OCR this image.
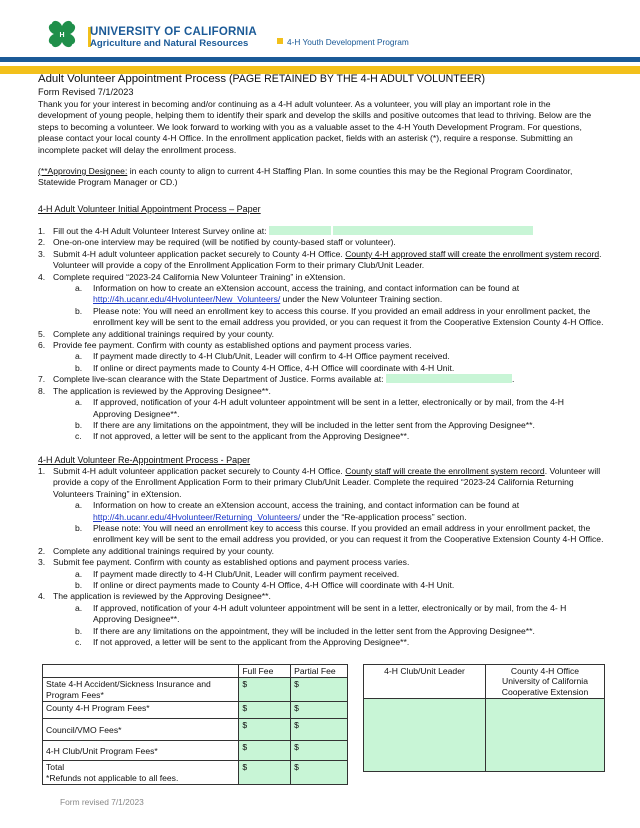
H UNIVERSITY OF CALIFORNIA
Agriculture and Natural Resources	4-H Youth Development Program
Adult Volunteer Appointment Process (PAGE RETAINED BY THE 4-H ADULT VOLUNTEER)
Form Revised 7/1/2023

Thank you for your interest in becoming and/or continuing as a 4-H adult volunteer. As a volunteer, you will play an important role in the development of young people, helping them to identify their spark and develop the skills and positive outcomes that lead to thriving. Below are the steps to becoming a volunteer. We look forward to working with you as a valuable asset to the 4-H Youth Development Program. For questions, please contact your local county 4-H Office. In the enrollment application packet, fields with an asterisk (*), require a response. Submitting an incomplete packet will delay the enrollment process.

(**Approving Designee: in each county to align to current 4-H Staffing Plan. In some counties this may be the Regional Program Coordinator, Statewide Program Manager or CD.)

4-H Adult Volunteer Initial Appointment Process – Paper
1. Fill out the 4-H Adult Volunteer Interest Survey online at:
2. One-on-one interview may be required (will be notified by county-based staff or volunteer).
3. Submit 4-H adult volunteer application packet securely to County 4-H Office. County 4-H approved staff will create the enrollment system record. Volunteer will provide a copy of the Enrollment Application Form to their primary Club/Unit Leader.
4. Complete required “2023-24 California New Volunteer Training” in eXtension.
a. Information on how to create an eXtension account, access the training, and contact information can be found at http://4h.ucanr.edu/4Hvolunteer/New_Volunteers/ under the New Volunteer Training section.
b. Please note: You will need an enrollment key to access this course. If you provided an email address in your enrollment packet, the enrollment key will be sent to the email address you provided, or you can request it from the Cooperative Extension County 4-H Office.
5. Complete any additional trainings required by your county.
6. Provide fee payment. Confirm with county as established options and payment process varies.
a. If payment made directly to 4-H Club/Unit, Leader will confirm to 4-H Office payment received.
b. If online or direct payments made to County 4-H Office, 4-H Office will coordinate with 4-H Unit.
7. Complete live-scan clearance with the State Department of Justice. Forms available at:	.
8. The application is reviewed by the Approving Designee**.
a. If approved, notification of your 4-H adult volunteer appointment will be sent in a letter, electronically or by mail, from the 4-H Approving Designee**.
b. If there are any limitations on the appointment, they will be included in the letter sent from the Approving Designee**.
c. If not approved, a letter will be sent to the applicant from the Approving Designee**.
4-H Adult Volunteer Re-Appointment Process - Paper
1. Submit 4-H adult volunteer application packet securely to County 4-H Office. County staff will create the enrollment system record. Volunteer will provide a copy of the Enrollment Application Form to their primary Club/Unit Leader. Complete the required “2023-24 California Returning Volunteers Training” in eXtension.
a. Information on how to create an eXtension account, access the training, and contact information can be found at http://4h.ucanr.edu/4Hvolunteer/Returning_Volunteers/ under the “Re-application process” section.
b. Please note: You will need an enrollment key to access this course. If you provided an email address in your enrollment packet, the enrollment key will be sent to the email address you provided, or you can request it from the Cooperative Extension County 4-H Office.
2. Complete any additional trainings required by your county.
3. Submit fee payment. Confirm with county as established options and payment process varies.
a. If payment made directly to 4-H Club/Unit, Leader will confirm payment received.
b. If online or direct payments made to County 4-H Office, 4-H Office will coordinate with 4-H Unit.
4. The application is reviewed by the Approving Designee**.
a. If approved, notification of your 4-H adult volunteer appointment will be sent in a letter, electronically or by mail, from the 4- H Approving Designee**.
b. If there are any limitations on the appointment, they will be included in the letter sent from the Approving Designee**.
c. If not approved, a letter will be sent to the applicant from the Approving Designee**.
	Full Fee	Partial Fee
State 4-H Accident/Sickness Insurance and Program Fees*	$	$
County 4-H Program Fees*	$	$
Council/VMO Fees*	$	$
4-H Club/Unit Program Fees*	$	$

Total
*Refunds not applicable to all fees.	$	$
4-H Club/Unit Leader	County 4-H Office
University of California
Cooperative Extension

Form revised 7/1/2023
